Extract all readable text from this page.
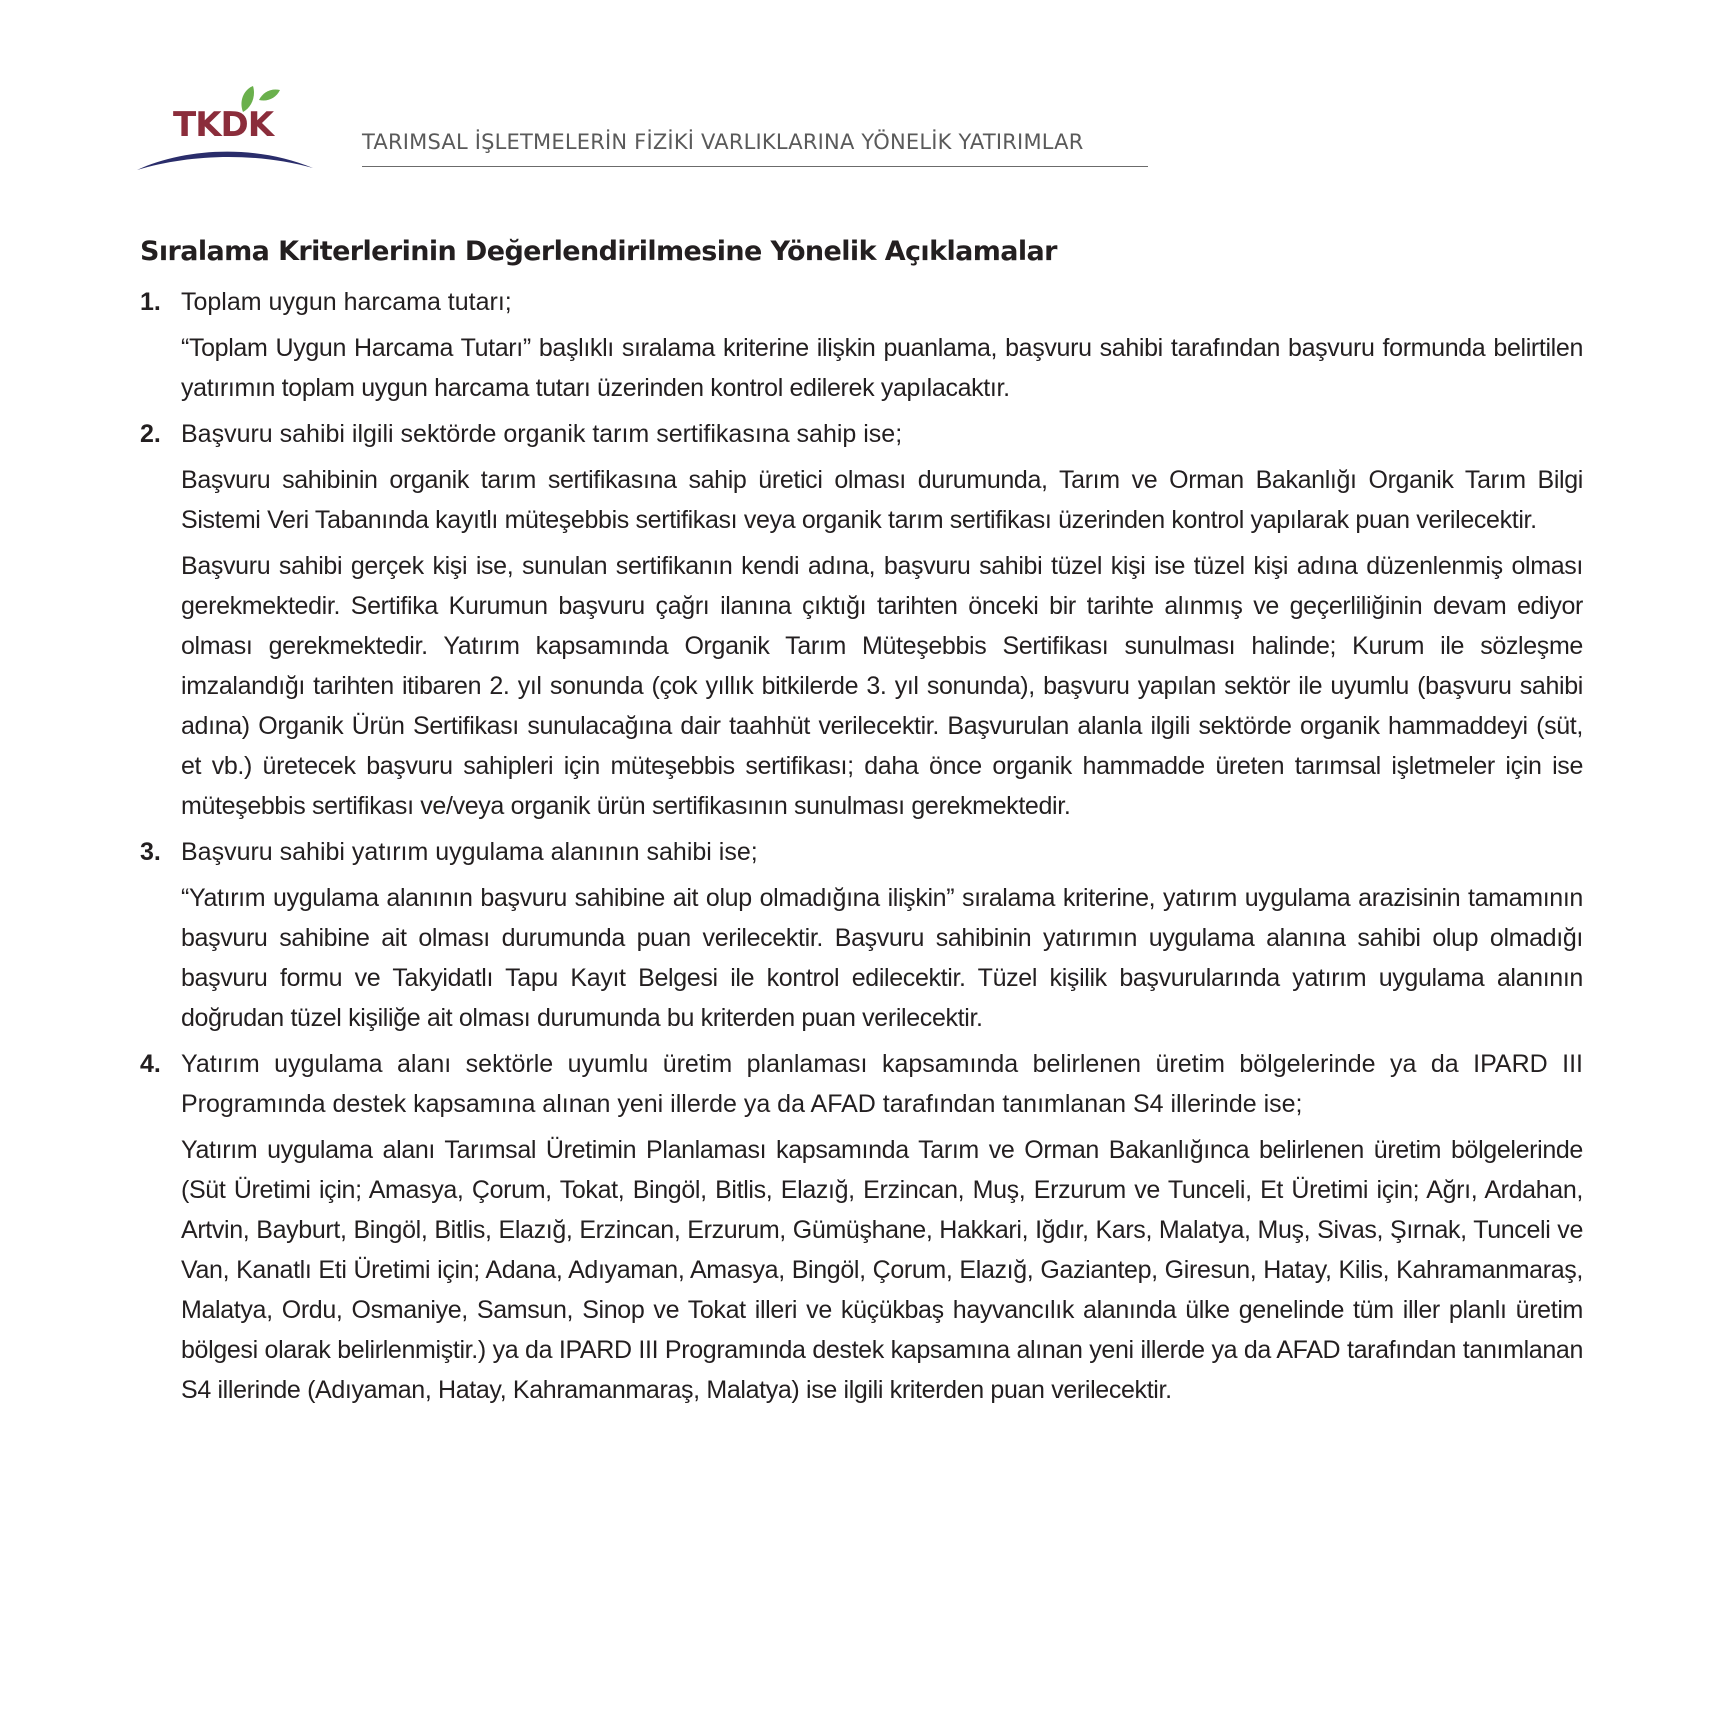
TKDK	TARIMSAL İŞLETMELERİN FİZİKİ VARLIKLARINA YÖNELİK YATIRIMLAR
Sıralama Kriterlerinin Değerlendirilmesine Yönelik Açıklamalar
1. Toplam uygun harcama tutarı;

“Toplam Uygun Harcama Tutarı” başlıklı sıralama kriterine ilişkin puanlama, başvuru sahibi tarafından başvuru formunda belirtilen yatırımın toplam uygun harcama tutarı üzerinden kontrol edilerek yapılacaktır.

2. Başvuru sahibi ilgili sektörde organik tarım sertifikasına sahip ise;

Başvuru sahibinin organik tarım sertifikasına sahip üretici olması durumunda, Tarım ve Orman Bakanlığı Organik Tarım Bilgi Sistemi Veri Tabanında kayıtlı müteşebbis sertifikası veya organik tarım sertifikası üzerinden kontrol yapılarak puan verilecektir.

Başvuru sahibi gerçek kişi ise, sunulan sertifikanın kendi adına, başvuru sahibi tüzel kişi ise tüzel kişi adına düzenlenmiş olması gerekmektedir. Sertifika Kurumun başvuru çağrı ilanına çıktığı tarihten önceki bir tarihte alınmış ve geçerliliğinin devam ediyor olması gerekmektedir. Yatırım kapsamında Organik Tarım Müteşebbis Sertifikası sunulması halinde; Kurum ile sözleşme imzalandığı tarihten itibaren 2. yıl sonunda (çok yıllık bitkilerde 3. yıl sonunda), başvuru yapılan sektör ile uyumlu (başvuru sahibi adına) Organik Ürün Sertifikası sunulacağına dair taahhüt verilecektir. Başvurulan alanla ilgili sektörde organik hammaddeyi (süt, et vb.) üretecek başvuru sahipleri için müteşebbis sertifikası; daha önce organik hammadde üreten tarımsal işletmeler için ise müteşebbis sertifikası ve/veya organik ürün sertifikasının sunulması gerekmektedir.

3. Başvuru sahibi yatırım uygulama alanının sahibi ise;

“Yatırım uygulama alanının başvuru sahibine ait olup olmadığına ilişkin” sıralama kriterine, yatırım uygulama arazisinin tamamının başvuru sahibine ait olması durumunda puan verilecektir. Başvuru sahibinin yatırımın uygulama alanına sahibi olup olmadığı başvuru formu ve Takyidatlı Tapu Kayıt Belgesi ile kontrol edilecektir. Tüzel kişilik başvurularında yatırım uygulama alanının doğrudan tüzel kişiliğe ait olması durumunda bu kriterden puan verilecektir.

4. Yatırım uygulama alanı sektörle uyumlu üretim planlaması kapsamında belirlenen üretim bölgelerinde ya da IPARD III Programında destek kapsamına alınan yeni illerde ya da AFAD tarafından tanımlanan S4 illerinde ise;

Yatırım uygulama alanı Tarımsal Üretimin Planlaması kapsamında Tarım ve Orman Bakanlığınca belirlenen üretim bölgelerinde (Süt Üretimi için; Amasya, Çorum, Tokat, Bingöl, Bitlis, Elazığ, Erzincan, Muş, Erzurum ve Tunceli, Et Üretimi için; Ağrı, Ardahan, Artvin, Bayburt, Bingöl, Bitlis, Elazığ, Erzincan, Erzurum, Gümüşhane, Hakkari, Iğdır, Kars, Malatya, Muş, Sivas, Şırnak, Tunceli ve Van, Kanatlı Eti Üretimi için; Adana, Adıyaman, Amasya, Bingöl, Çorum, Elazığ, Gaziantep, Giresun, Hatay, Kilis, Kahramanmaraş, Malatya, Ordu, Osmaniye, Samsun, Sinop ve Tokat illeri ve küçükbaş hayvancılık alanında ülke genelinde tüm iller planlı üretim bölgesi olarak belirlenmiştir.) ya da IPARD III Programında destek kapsamına alınan yeni illerde ya da AFAD tarafından tanımlanan S4 illerinde (Adıyaman, Hatay, Kahramanmaraş, Malatya) ise ilgili kriterden puan verilecektir.
